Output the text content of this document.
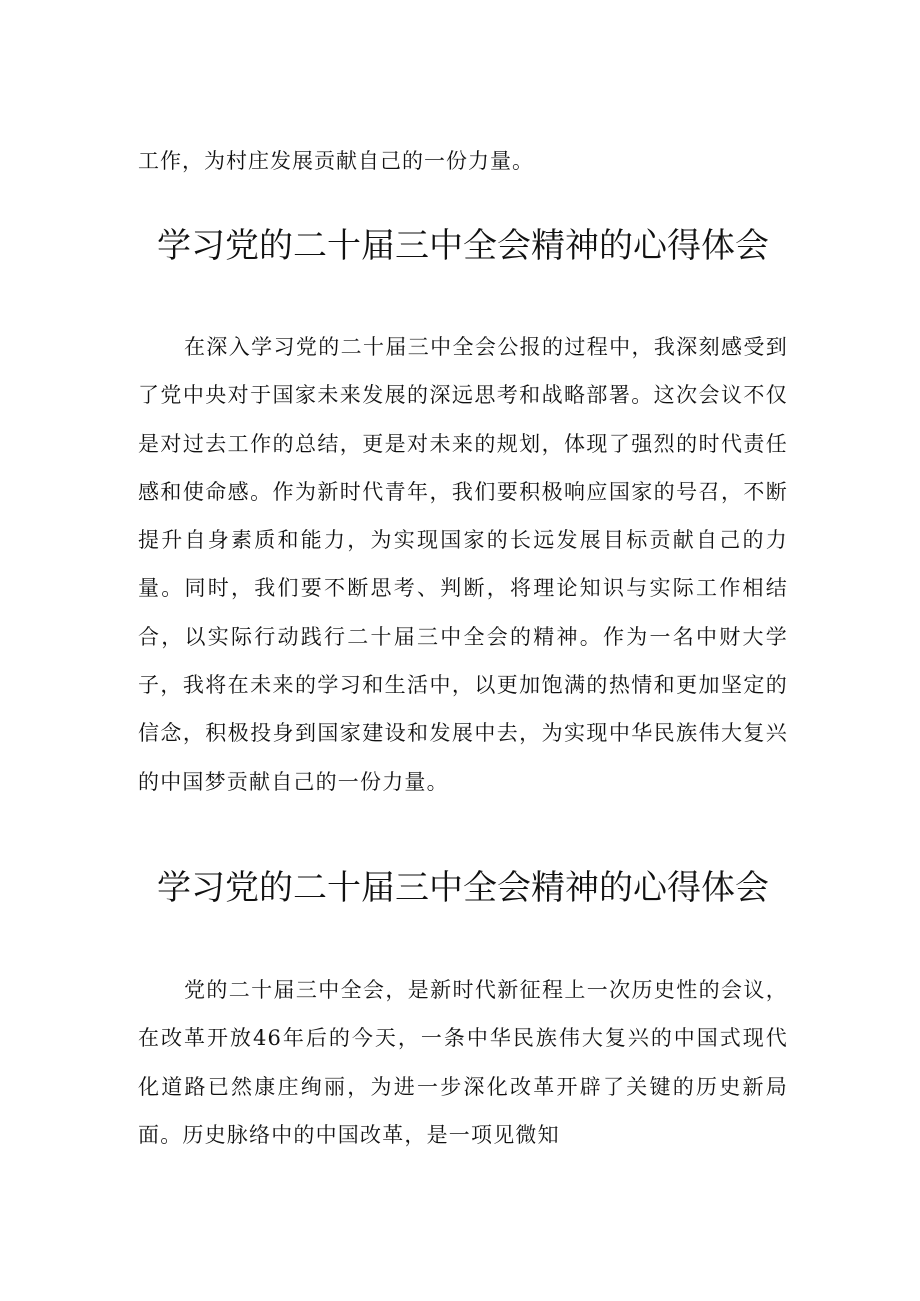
工作，为村庄发展贡献自己的一份力量。

学习党的二十届三中全会精神的心得体会

在深入学习党的二十届三中全会公报的过程中，我深刻感受到了党中央对于国家未来发展的深远思考和战略部署。这次会议不仅是对过去工作的总结，更是对未来的规划，体现了强烈的时代责任感和使命感。作为新时代青年，我们要积极响应国家的号召，不断提升自身素质和能力，为实现国家的长远发展目标贡献自己的力量。同时，我们要不断思考、判断，将理论知识与实际工作相结合，以实际行动践行二十届三中全会的精神。作为一名中财大学子，我将在未来的学习和生活中，以更加饱满的热情和更加坚定的信念，积极投身到国家建设和发展中去，为实现中华民族伟大复兴的中国梦贡献自己的一份力量。

学习党的二十届三中全会精神的心得体会

党的二十届三中全会，是新时代新征程上一次历史性的会议，在改革开放46年后的今天，一条中华民族伟大复兴的中国式现代化道路已然康庄绚丽，为进一步深化改革开辟了关键的历史新局面。历史脉络中的中国改革，是一项见微知
